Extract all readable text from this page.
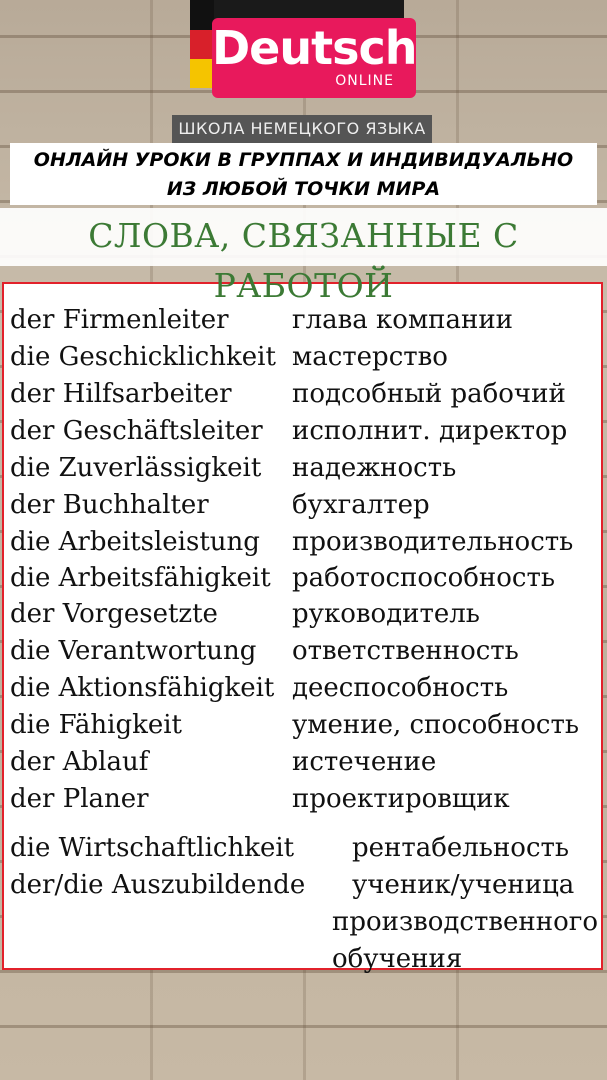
Deutsch
ONLINE
ШКОЛА НЕМЕЦКОГО ЯЗЫКА
ОНЛАЙН УРОКИ В ГРУППАХ И ИНДИВИДУАЛЬНО
ИЗ ЛЮБОЙ ТОЧКИ МИРА
СЛОВА, СВЯЗАННЫЕ С РАБОТОЙ
der Firmenleiter глава компании
die Geschicklichkeit мастерство
der Hilfsarbeiter подсобный рабочий
der Geschäftsleiter исполнит. директор
die Zuverlässigkeit надежность
der Buchhalter	бухгалтер
die Arbeitsleistung производительность
die Arbeitsfähigkeit работоспособность
der Vorgesetzte	руководитель
die Verantwortung ответственность
die Aktionsfähigkeit дееспособность
die Fähigkeit	умение, способность
der Ablauf	истечение
der Planer	проектировщик
die Wirtschaftlichkeit рентабельность
der/die Auszubildende ученик/ученица
производственного
обучения
